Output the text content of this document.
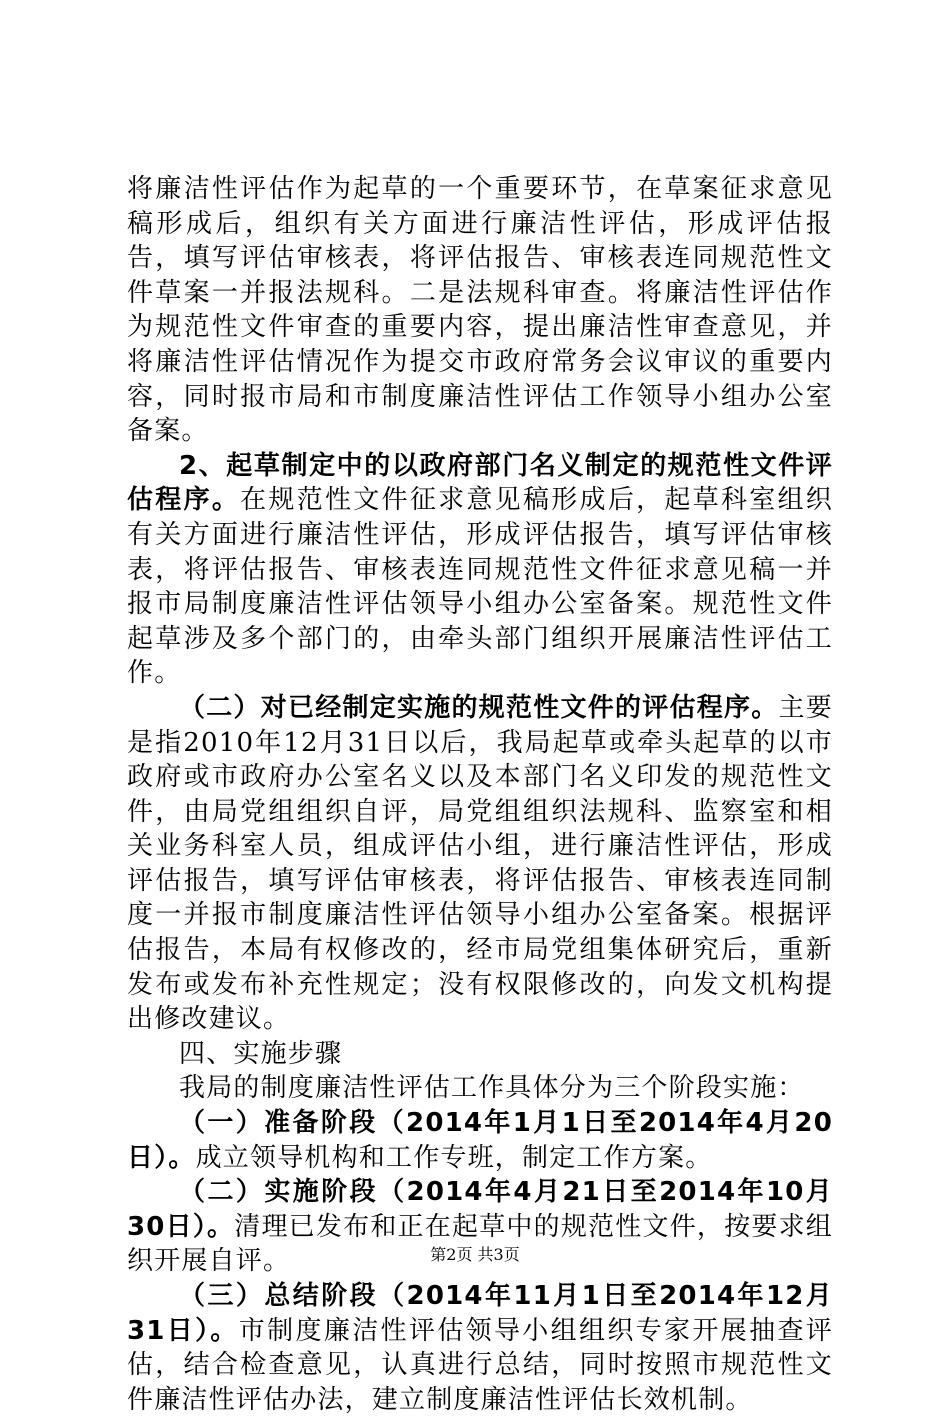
将廉洁性评估作为起草的一个重要环节，在草案征求意见稿形成后，组织有关方面进行廉洁性评估，形成评估报告，填写评估审核表，将评估报告、审核表连同规范性文件草案一并报法规科。二是法规科审查。将廉洁性评估作为规范性文件审查的重要内容，提出廉洁性审查意见，并将廉洁性评估情况作为提交市政府常务会议审议的重要内容，同时报市局和市制度廉洁性评估工作领导小组办公室备案。

2、起草制定中的以政府部门名义制定的规范性文件评估程序。在规范性文件征求意见稿形成后，起草科室组织有关方面进行廉洁性评估，形成评估报告，填写评估审核表，将评估报告、审核表连同规范性文件征求意见稿一并报市局制度廉洁性评估领导小组办公室备案。规范性文件起草涉及多个部门的，由牵头部门组织开展廉洁性评估工作。

（二）对已经制定实施的规范性文件的评估程序。主要是指2010年12月31日以后，我局起草或牵头起草的以市政府或市政府办公室名义以及本部门名义印发的规范性文件，由局党组组织自评，局党组组织法规科、监察室和相关业务科室人员，组成评估小组，进行廉洁性评估，形成评估报告，填写评估审核表，将评估报告、审核表连同制度一并报市制度廉洁性评估领导小组办公室备案。根据评估报告，本局有权修改的，经市局党组集体研究后，重新发布或发布补充性规定；没有权限修改的，向发文机构提出修改建议。

四、实施步骤

我局的制度廉洁性评估工作具体分为三个阶段实施：

（一）准备阶段（2014年1月1日至2014年4月20日）。成立领导机构和工作专班，制定工作方案。

（二）实施阶段（2014年4月21日至2014年10月30日）。清理已发布和正在起草中的规范性文件，按要求组织开展自评。

（三）总结阶段（2014年11月1日至2014年12月31日）。市制度廉洁性评估领导小组组织专家开展抽查评估，结合检查意见，认真进行总结，同时按照市规范性文件廉洁性评估办法，建立制度廉洁性评估长效机制。

第2页 共3页
